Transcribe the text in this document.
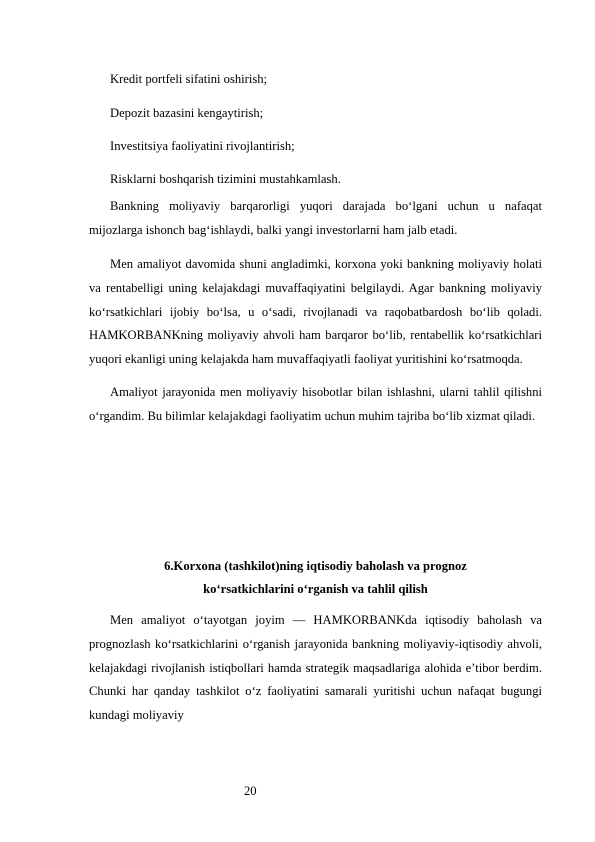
Kredit portfeli sifatini oshirish;
Depozit bazasini kengaytirish;
Investitsiya faoliyatini rivojlantirish;
Risklarni boshqarish tizimini mustahkamlash.

Bankning moliyaviy barqarorligi yuqori darajada bo‘lgani uchun u nafaqat mijozlarga ishonch bag‘ishlaydi, balki yangi investorlarni ham jalb etadi.

Men amaliyot davomida shuni angladimki, korxona yoki bankning moliyaviy holati va rentabelligi uning kelajakdagi muvaffaqiyatini belgilaydi. Agar bankning moliyaviy ko‘rsatkichlari ijobiy bo‘lsa, u o‘sadi, rivojlanadi va raqobatbardosh bo‘lib qoladi. HAMKORBANKning moliyaviy ahvoli ham barqaror bo‘lib, rentabellik ko‘rsatkichlari yuqori ekanligi uning kelajakda ham muvaffaqiyatli faoliyat yuritishini ko‘rsatmoqda.

Amaliyot jarayonida men moliyaviy hisobotlar bilan ishlashni, ularni tahlil qilishni o‘rgandim. Bu bilimlar kelajakdagi faoliyatim uchun muhim tajriba bo‘lib xizmat qiladi.

6.Korxona (tashkilot)ning iqtisodiy baholash va prognoz
ko‘rsatkichlarini o‘rganish va tahlil qilish

Men amaliyot o‘tayotgan joyim — HAMKORBANKda iqtisodiy baholash va prognozlash ko‘rsatkichlarini o‘rganish jarayonida bankning moliyaviy-iqtisodiy ahvoli, kelajakdagi rivojlanish istiqbollari hamda strategik maqsadlariga alohida e’tibor berdim. Chunki har qanday tashkilot o‘z faoliyatini samarali yuritishi uchun nafaqat bugungi kundagi moliyaviy

20
